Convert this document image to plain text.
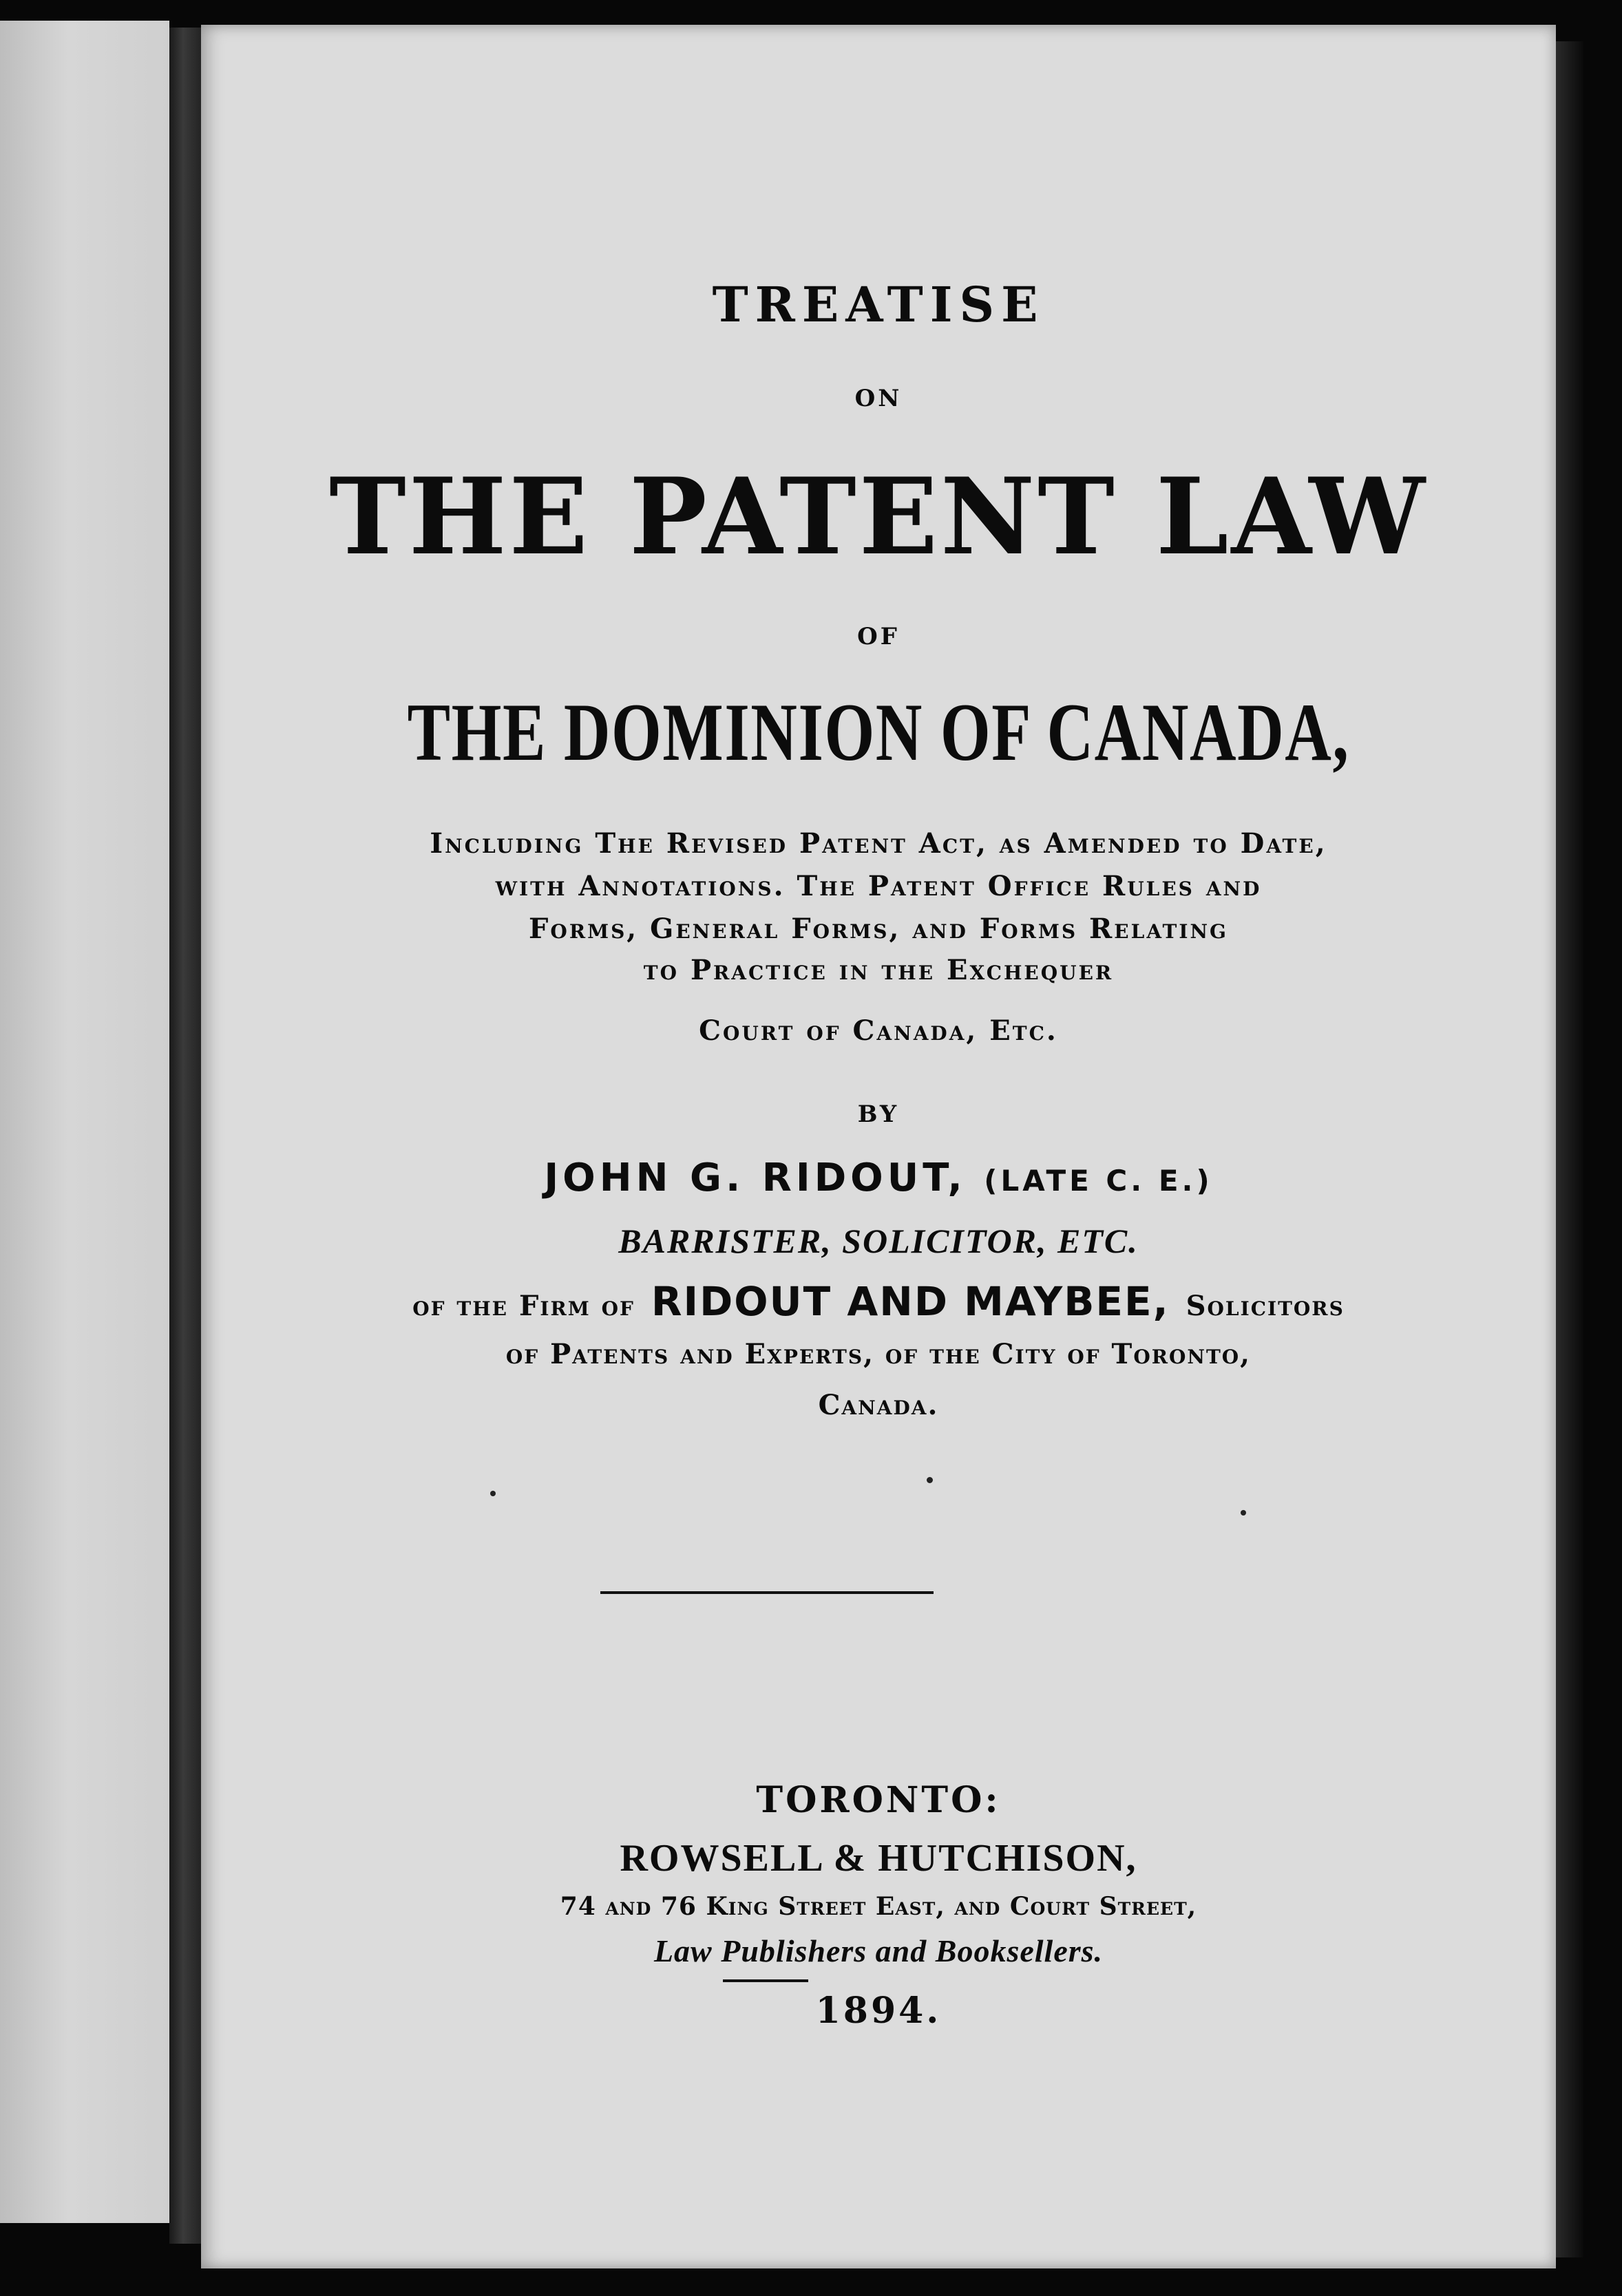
TREATISE
ON
THE PATENT LAW
OF
THE DOMINION OF CANADA,
Including The Revised Patent Act, as Amended to Date,
with Annotations. The Patent Office Rules and
Forms, General Forms, and Forms Relating
to Practice in the Exchequer
Court of Canada, Etc.
BY
JOHN G. RIDOUT, (LATE C. E.)
BARRISTER, SOLICITOR, ETC.
of the Firm of RIDOUT AND MAYBEE, Solicitors
of Patents and Experts, of the City of Toronto,
Canada.
TORONTO:
ROWSELL & HUTCHISON,
74 and 76 King Street East, and Court Street,
Law Publishers and Booksellers.
1894.
